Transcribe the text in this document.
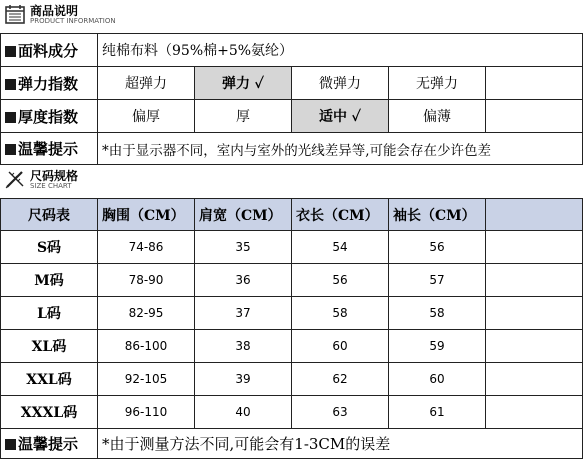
商品说明
PRODUCT INFORMATION
面料成分	纯棉布料（95%棉+5%氨纶）				
弹力指数	超弹力	弹力 ✓	微弹力	无弹力	
厚度指数	偏厚	厚	适中 ✓	偏薄	
温馨提示	*由于显示器不同，室内与室外的光线差异等,可能会存在少许色差				
尺码规格
SIZE CHART
尺码表	胸围（CM）	肩宽（CM）	衣长（CM）	袖长（CM）	
S码	74-86	35	54	56	
M码	78-90	36	56	57	
L码	82-95	37	58	58	
XL码	86-100	38	60	59	
XXL码	92-105	39	62	60	
XXXL码	96-110	40	63	61	
温馨提示	*由于测量方法不同,可能会有1-3CM的误差				
